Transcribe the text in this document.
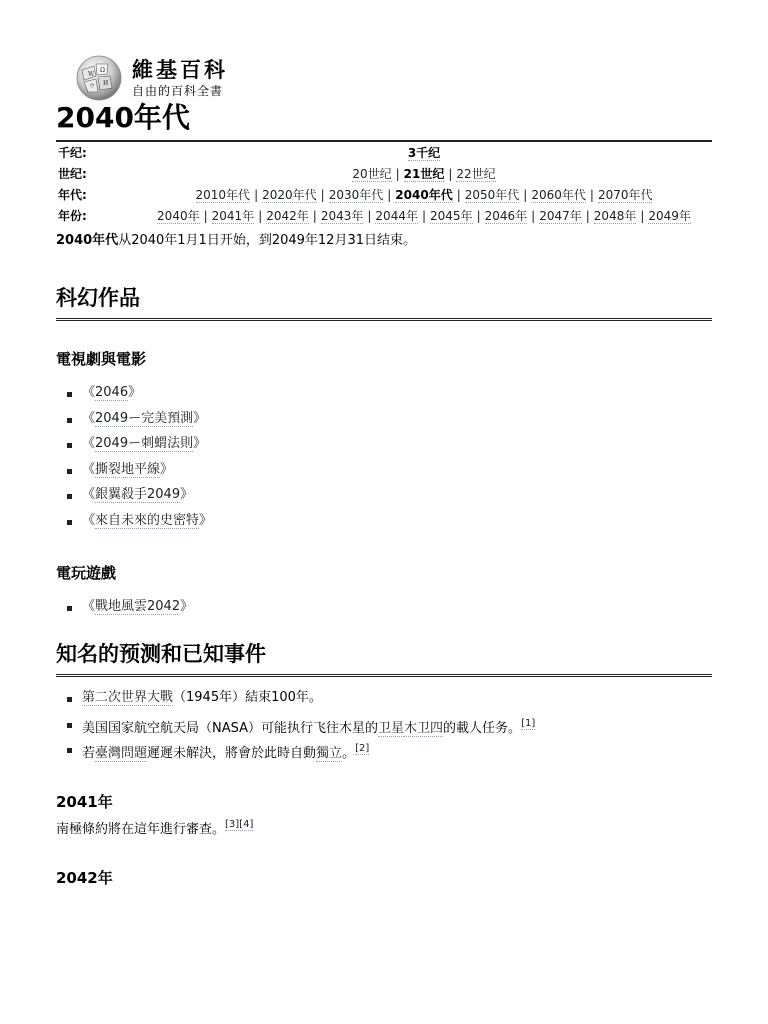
W
Ω
И
ウ
維基百科
自由的百科全書
2040年代
千纪:	3千纪
世纪:	20世纪 | 21世纪 | 22世纪
年代:	2010年代 | 2020年代 | 2030年代 | 2040年代 | 2050年代 | 2060年代 | 2070年代
年份:	2040年 | 2041年 | 2042年 | 2043年 | 2044年 | 2045年 | 2046年 | 2047年 | 2048年 | 2049年
2040年代从2040年1月1日开始，到2049年12月31日结束。
科幻作品
電視劇與電影
《2046》
《2049ー完美預測》
《2049ー刺蝟法則》
《撕裂地平線》
《銀翼殺手2049》
《來自未來的史密特》
電玩遊戲
《戰地風雲2042》
知名的预测和已知事件
第二次世界大戰（1945年）結束100年。
美国国家航空航天局（NASA）可能执行飞往木星的卫星木卫四的載人任务。[1]
若臺灣問題遲遲未解決，將會於此時自動獨立。[2]
2041年
南極條約將在這年進行審查。[3][4]
2042年
